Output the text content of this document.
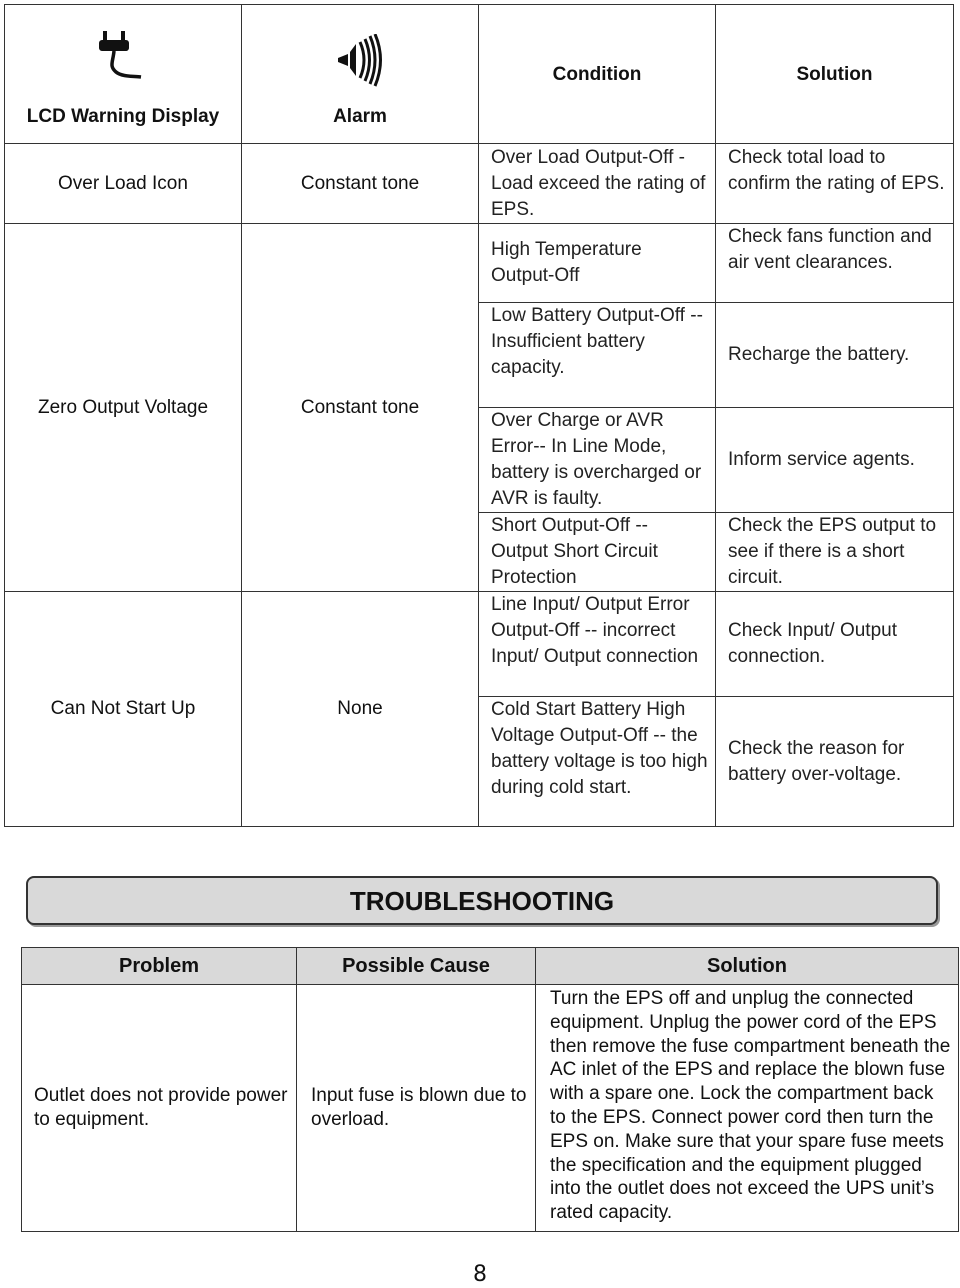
LCD Warning Display	Alarm	Condition	Solution
Over Load Icon	Constant tone	Over Load Output-Off - Load exceed the rating of EPS.	Check total load to confirm the rating of EPS.
Zero Output Voltage	Constant tone	High Temperature Output-Off	Check fans function and air vent clearances.
		Low Battery Output-Off -- Insufficient battery capacity.	Recharge the battery.
		Over Charge or AVR Error-- In Line Mode, battery is overcharged or AVR is faulty.	Inform service agents.
		Short Output-Off -- Output Short Circuit Protection	Check the EPS output to see if there is a short circuit.
Can Not Start Up	None	Line Input/ Output Error Output-Off -- incorrect Input/ Output connection	Check Input/ Output connection.
		Cold Start Battery High Voltage Output-Off -- the battery voltage is too high during cold start.	Check the reason for battery over-voltage.
TROUBLESHOOTING
Problem	Possible Cause	Solution
Outlet does not provide power to equipment.	Input fuse is blown due to overload.	Turn the EPS off and unplug the connected equipment. Unplug the power cord of the EPS then remove the fuse compartment beneath the AC inlet of the EPS and replace the blown fuse with a spare one. Lock the compartment back to the EPS. Connect power cord then turn the EPS on. Make sure that your spare fuse meets the specification and the equipment plugged into the outlet does not exceed the UPS unit’s rated capacity.
8
